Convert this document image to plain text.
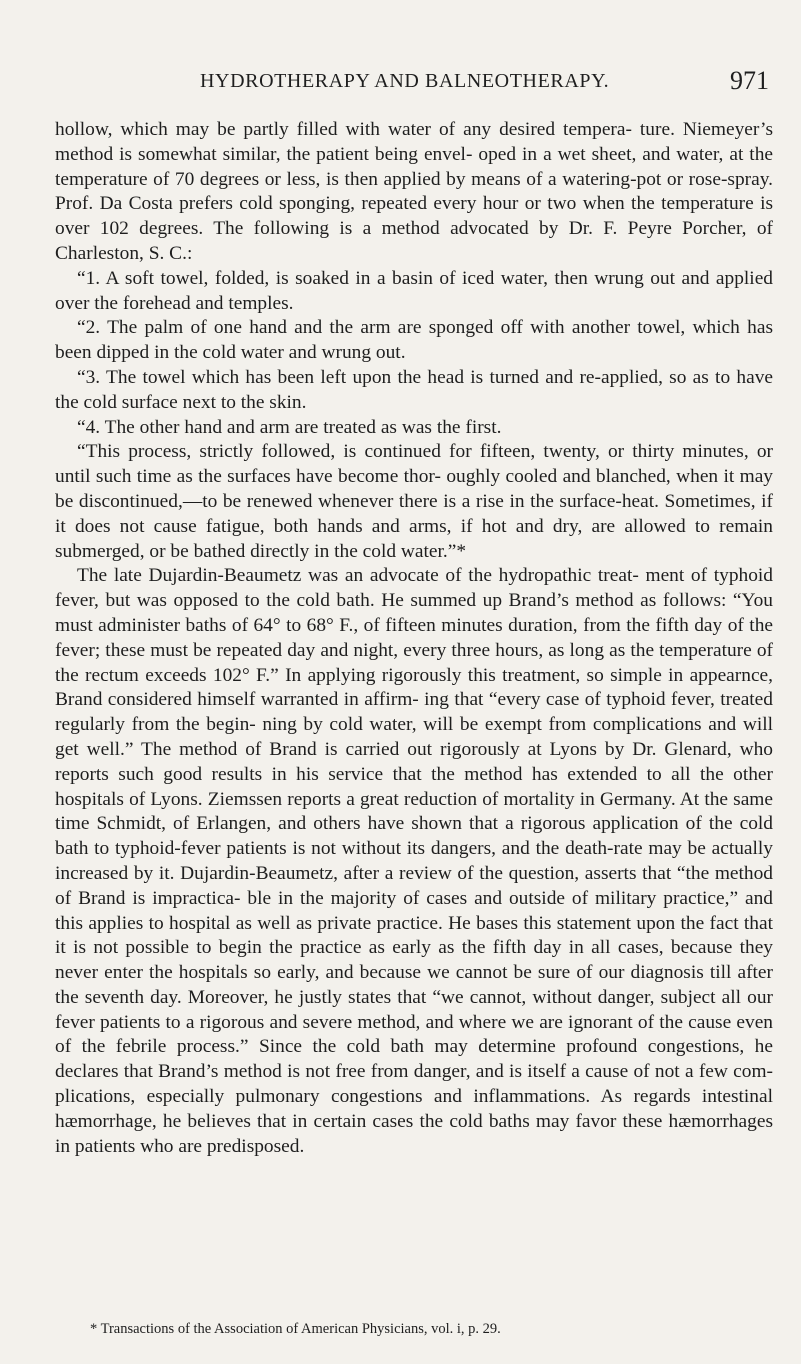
HYDROTHERAPY AND BALNEOTHERAPY.	971

hollow, which may be partly filled with water of any desired tempera- ture. Niemeyer’s method is somewhat similar, the patient being envel- oped in a wet sheet, and water, at the temperature of 70 degrees or less, is then applied by means of a watering-pot or rose-spray. Prof. Da Costa prefers cold sponging, repeated every hour or two when the temperature is over 102 degrees. The following is a method advocated by Dr. F. Peyre Porcher, of Charleston, S. C.:

“1. A soft towel, folded, is soaked in a basin of iced water, then wrung out and applied over the forehead and temples.

“2. The palm of one hand and the arm are sponged off with another towel, which has been dipped in the cold water and wrung out.

“3. The towel which has been left upon the head is turned and re-applied, so as to have the cold surface next to the skin.

“4. The other hand and arm are treated as was the first.

“This process, strictly followed, is continued for fifteen, twenty, or thirty minutes, or until such time as the surfaces have become thor- oughly cooled and blanched, when it may be discontinued,—to be renewed whenever there is a rise in the surface-heat. Sometimes, if it does not cause fatigue, both hands and arms, if hot and dry, are allowed to remain submerged, or be bathed directly in the cold water.”*

The late Dujardin-Beaumetz was an advocate of the hydropathic treat- ment of typhoid fever, but was opposed to the cold bath. He summed up Brand’s method as follows: “You must administer baths of 64° to 68° F., of fifteen minutes duration, from the fifth day of the fever; these must be repeated day and night, every three hours, as long as the temperature of the rectum exceeds 102° F.” In applying rigorously this treatment, so simple in appearnce, Brand considered himself warranted in affirm- ing that “every case of typhoid fever, treated regularly from the begin- ning by cold water, will be exempt from complications and will get well.” The method of Brand is carried out rigorously at Lyons by Dr. Glenard, who reports such good results in his service that the method has extended to all the other hospitals of Lyons. Ziemssen reports a great reduction of mortality in Germany. At the same time Schmidt, of Erlangen, and others have shown that a rigorous application of the cold bath to typhoid-fever patients is not without its dangers, and the death-rate may be actually increased by it. Dujardin-Beaumetz, after a review of the question, asserts that “the method of Brand is impractica- ble in the majority of cases and outside of military practice,” and this applies to hospital as well as private practice. He bases this statement upon the fact that it is not possible to begin the practice as early as the fifth day in all cases, because they never enter the hospitals so early, and because we cannot be sure of our diagnosis till after the seventh day. Moreover, he justly states that “we cannot, without danger, subject all our fever patients to a rigorous and severe method, and where we are ignorant of the cause even of the febrile process.” Since the cold bath may determine profound congestions, he declares that Brand’s method is not free from danger, and is itself a cause of not a few com- plications, especially pulmonary congestions and inflammations. As regards intestinal hæmorrhage, he believes that in certain cases the cold baths may favor these hæmorrhages in patients who are predisposed.

* Transactions of the Association of American Physicians, vol. i, p. 29.
